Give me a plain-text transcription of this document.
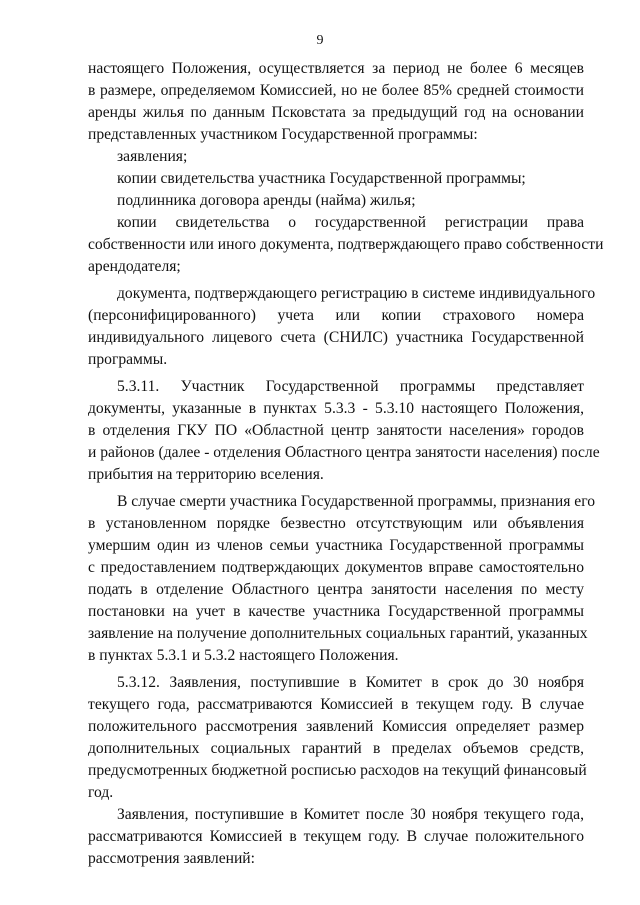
9
настоящего Положения, осуществляется за период не более 6 месяцев
в размере, определяемом Комиссией, но не более 85% средней стоимости
аренды жилья по данным Псковстата за предыдущий год на основании
представленных участником Государственной программы:
заявления;
копии свидетельства участника Государственной программы;
подлинника договора аренды (найма) жилья;
копии свидетельства о государственной регистрации права
собственности или иного документа, подтверждающего право собственности
арендодателя;
документа, подтверждающего регистрацию в системе индивидуального
(персонифицированного) учета или копии страхового номера
индивидуального лицевого счета (СНИЛС) участника Государственной
программы.
5.3.11. Участник Государственной программы представляет
документы, указанные в пунктах 5.3.3 - 5.3.10 настоящего Положения,
в отделения ГКУ ПО «Областной центр занятости населения» городов
и районов (далее - отделения Областного центра занятости населения) после
прибытия на территорию вселения.
В случае смерти участника Государственной программы, признания его
в установленном порядке безвестно отсутствующим или объявления
умершим один из членов семьи участника Государственной программы
с предоставлением подтверждающих документов вправе самостоятельно
подать в отделение Областного центра занятости населения по месту
постановки на учет в качестве участника Государственной программы
заявление на получение дополнительных социальных гарантий, указанных
в пунктах 5.3.1 и 5.3.2 настоящего Положения.
5.3.12. Заявления, поступившие в Комитет в срок до 30 ноября
текущего года, рассматриваются Комиссией в текущем году. В случае
положительного рассмотрения заявлений Комиссия определяет размер
дополнительных социальных гарантий в пределах объемов средств,
предусмотренных бюджетной росписью расходов на текущий финансовый
год.
Заявления, поступившие в Комитет после 30 ноября текущего года,
рассматриваются Комиссией в текущем году. В случае положительного
рассмотрения заявлений:
